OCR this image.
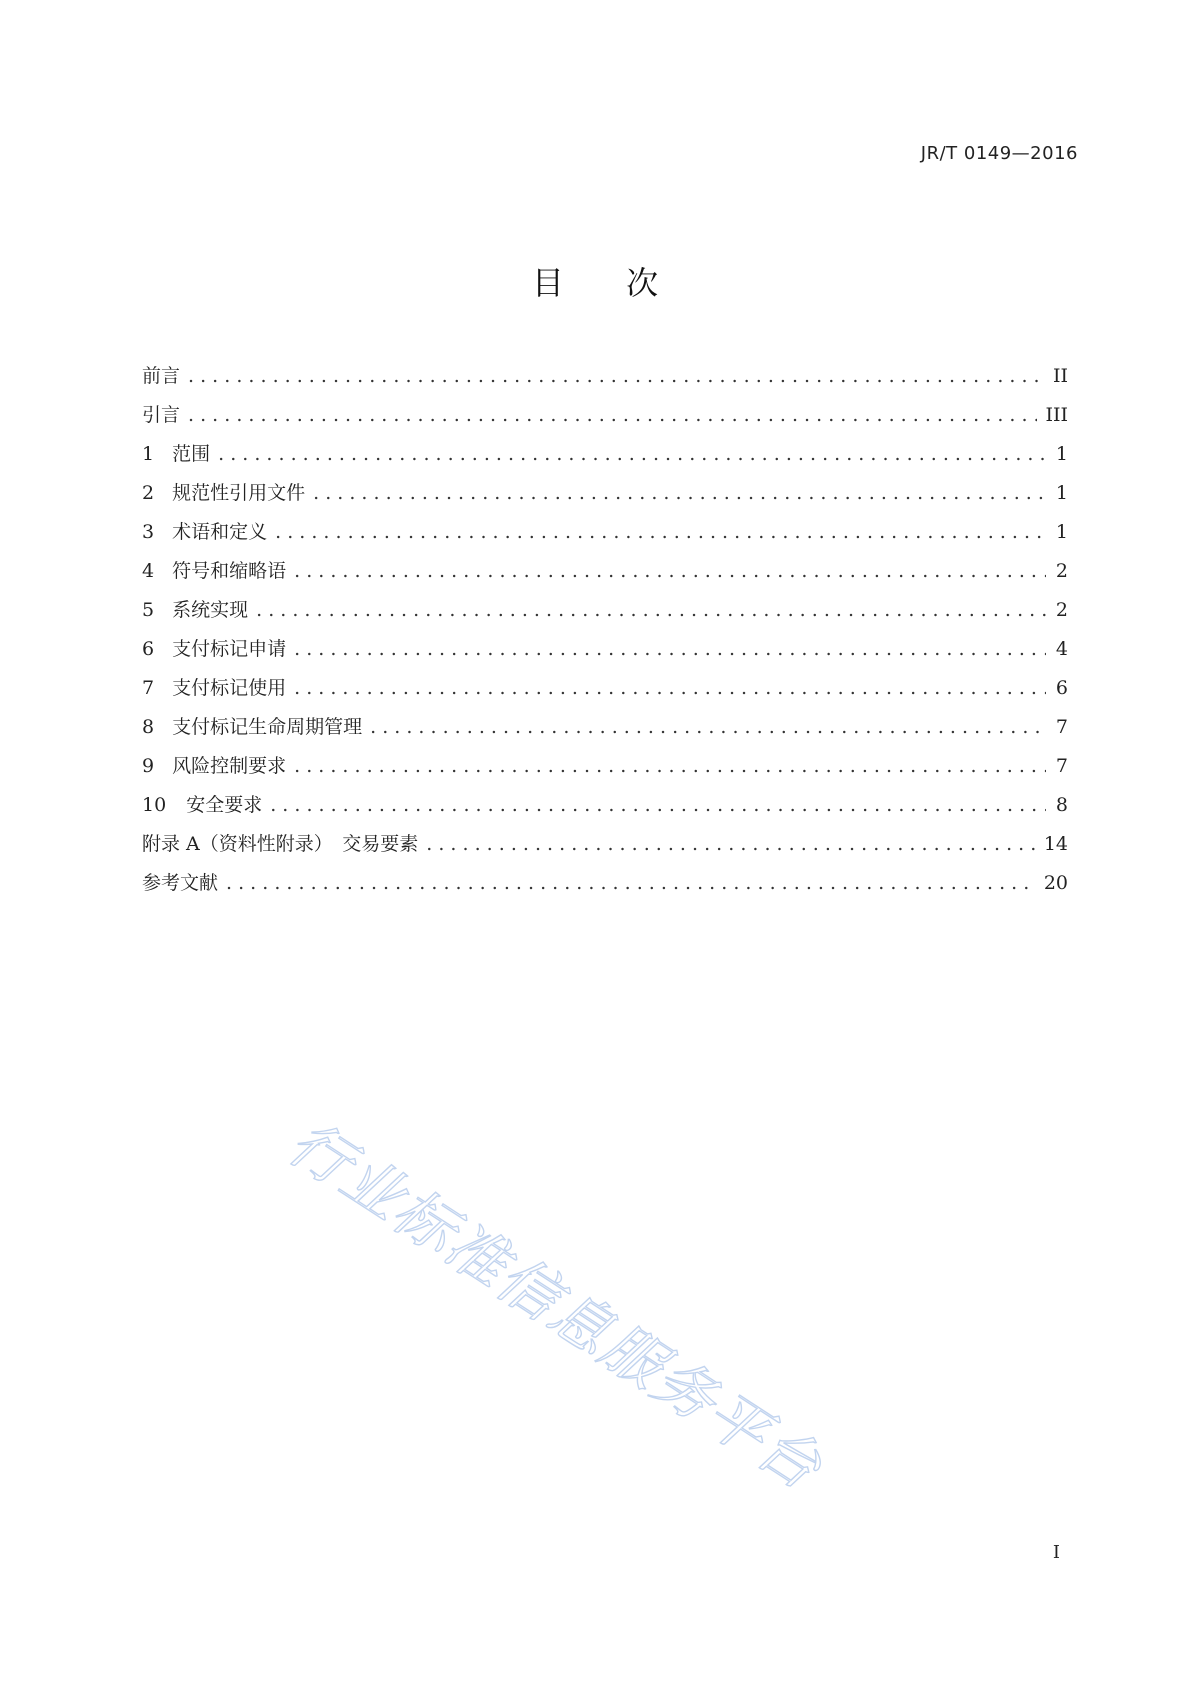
JR/T 0149—2016
目 次
前言 . . .	II
引言 . . .	III
1 范围 . . .	1
2 规范性引用文件 . . .	1
3 术语和定义 . . .	1
4 符号和缩略语 . . .	2
5 系统实现 . . .	2
6 支付标记申请 . . .	4
7 支付标记使用 . . .	6
8 支付标记生命周期管理 . . .	7
9 风险控制要求 . . .	7
10 安全要求 . . .	8
附录 A（资料性附录）　交易要素 . . .	14
参考文献 . . .	20
行业标准信息服务平台
I
